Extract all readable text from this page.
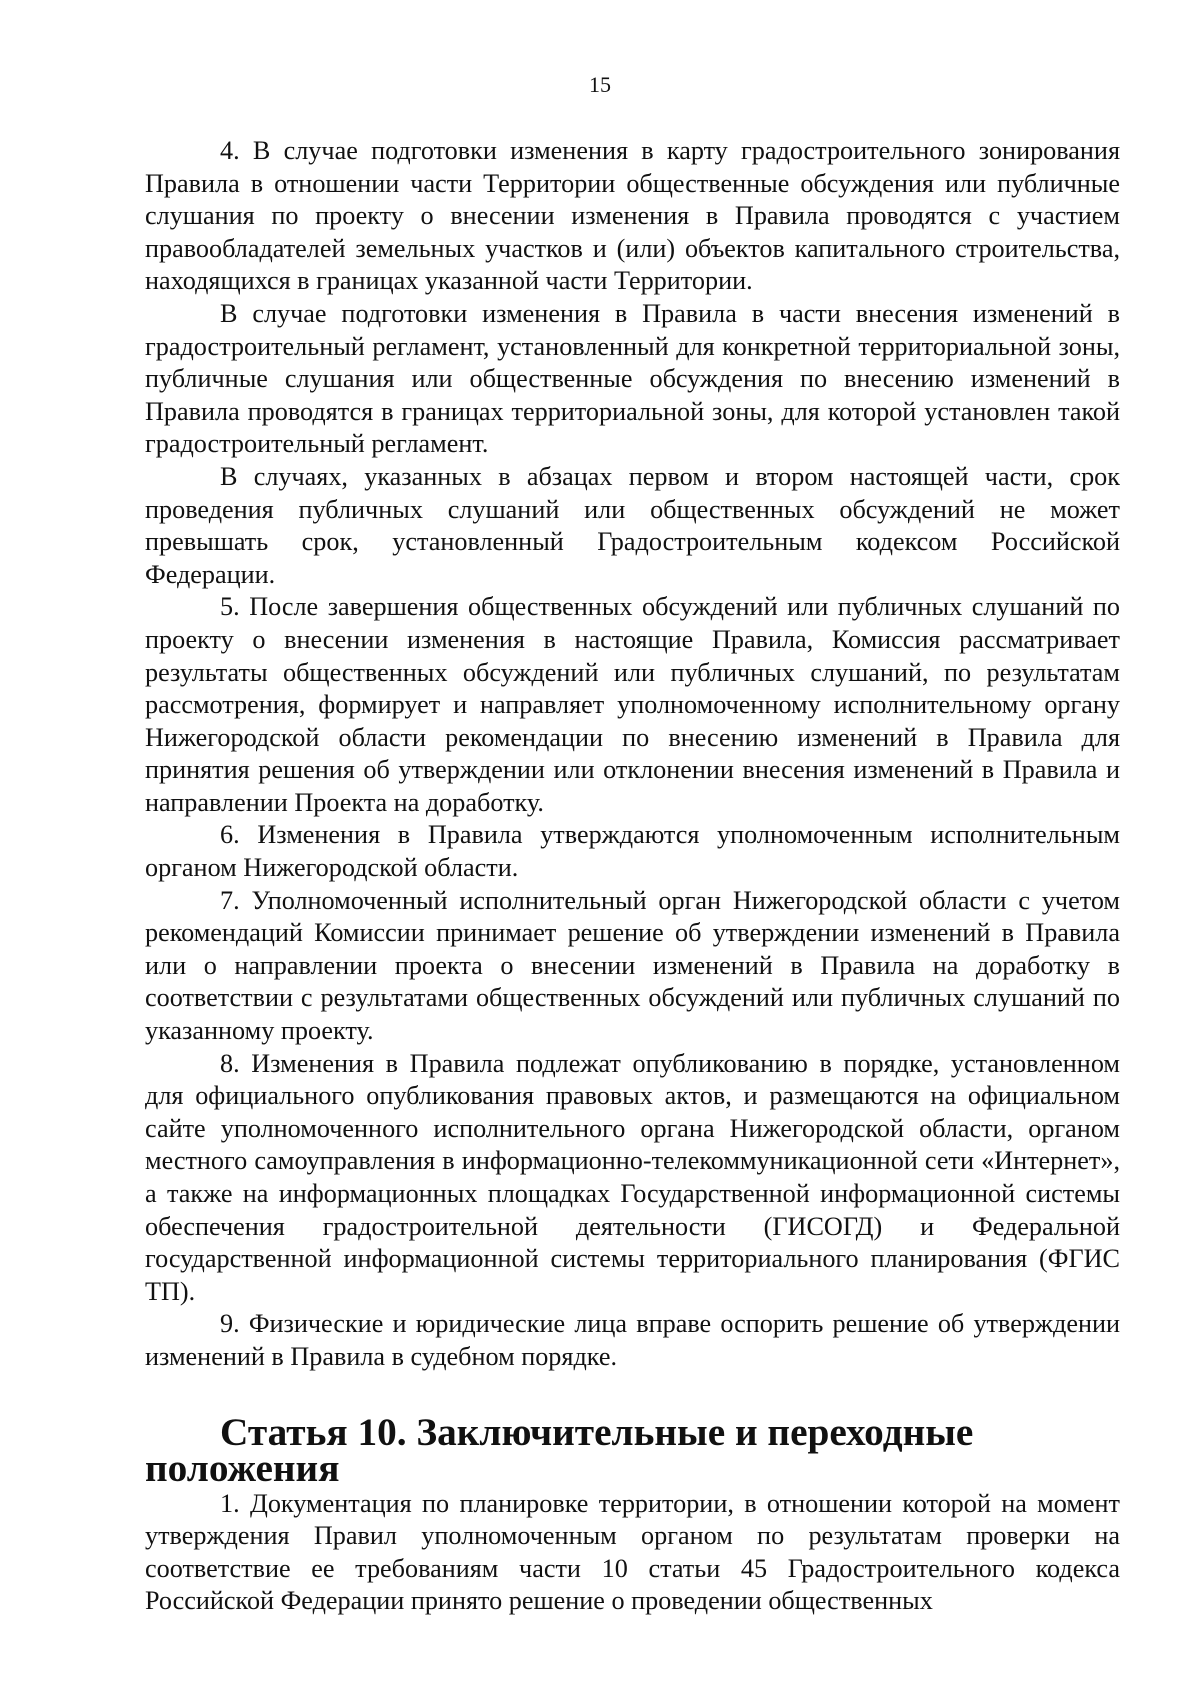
15

4. В случае подготовки изменения в карту градостроительного зонирования Правила в отношении части Территории общественные обсуждения или публичные слушания по проекту о внесении изменения в Правила проводятся с участием правообладателей земельных участков и (или) объектов капитального строительства, находящихся в границах указанной части Территории.

В случае подготовки изменения в Правила в части внесения изменений в градостроительный регламент, установленный для конкретной территориальной зоны, публичные слушания или общественные обсуждения по внесению изменений в Правила проводятся в границах территориальной зоны, для которой установлен такой градостроительный регламент.

В случаях, указанных в абзацах первом и втором настоящей части, срок проведения публичных слушаний или общественных обсуждений не может превышать срок, установленный Градостроительным кодексом Российской Федерации.

5. После завершения общественных обсуждений или публичных слушаний по проекту о внесении изменения в настоящие Правила, Комиссия рассматривает результаты общественных обсуждений или публичных слушаний, по результатам рассмотрения, формирует и направляет уполномоченному исполнительному органу Нижегородской области рекомендации по внесению изменений в Правила для принятия решения об утверждении или отклонении внесения изменений в Правила и направлении Проекта на доработку.

6. Изменения в Правила утверждаются уполномоченным исполнительным органом Нижегородской области.

7. Уполномоченный исполнительный орган Нижегородской области с учетом рекомендаций Комиссии принимает решение об утверждении изменений в Правила или о направлении проекта о внесении изменений в Правила на доработку в соответствии с результатами общественных обсуждений или публичных слушаний по указанному проекту.

8. Изменения в Правила подлежат опубликованию в порядке, установленном для официального опубликования правовых актов, и размещаются на официальном сайте уполномоченного исполнительного органа Нижегородской области, органом местного самоуправления в информационно-телекоммуникационной сети «Интернет», а также на информационных площадках Государственной информационной системы обеспечения градостроительной деятельности (ГИСОГД) и Федеральной государственной информационной системы территориального планирования (ФГИС ТП).

9. Физические и юридические лица вправе оспорить решение об утверждении изменений в Правила в судебном порядке.

Статья 10. Заключительные и переходные положения

1. Документация по планировке территории, в отношении которой на момент утверждения Правил уполномоченным органом по результатам проверки на соответствие ее требованиям части 10 статьи 45 Градостроительного кодекса Российской Федерации принято решение о проведении общественных
